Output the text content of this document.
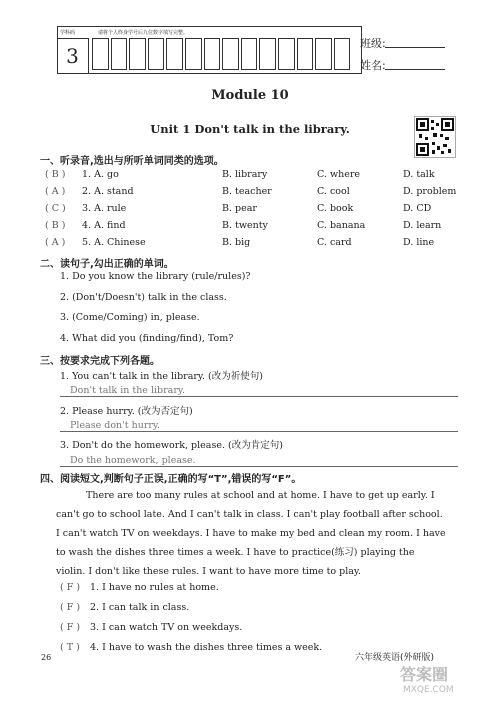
学科码	请将个人终身学号后九位数字填写完整。
3
班级:
姓名:
Module 10
Unit 1 Don't talk in the library.
一、听录音,选出与所听单词同类的选项。
( B ) 1. A. go	B. library	C. where	D. talk
( A ) 2. A. stand	B. teacher	C. cool	D. problem
( C ) 3. A. rule	B. pear	C. book	D. CD
( B ) 4. A. find	B. twenty	C. banana	D. learn
( A ) 5. A. Chinese	B. big	C. card	D. line
二、读句子,勾出正确的单词。
1. Do you know the library (rule/rules)?
2. (Don't/Doesn't) talk in the class.
3. (Come/Coming) in, please.
4. What did you (finding/find), Tom?
三、按要求完成下列各题。
1. You can't talk in the library. (改为祈使句)
Don't talk in the library.
2. Please hurry. (改为否定句)
Please don't hurry.
3. Don't do the homework, please. (改为肯定句)
Do the homework, please.
四、阅读短文,判断句子正误,正确的写“T”,错误的写“F”。
There are too many rules at school and at home. I have to get up early. I
can't go to school late. And I can't talk in class. I can't play football after school.
I can't watch TV on weekdays. I have to make my bed and clean my room. I have
to wash the dishes three times a week. I have to practice(练习) playing the
violin. I don't like these rules. I want to have more time to play.
( F ) 1. I have no rules at home.
( F ) 2. I can talk in class.
( F ) 3. I can watch TV on weekdays.
( T ) 4. I have to wash the dishes three times a week.
26	六年级英语(外研版)
答案圈
MXQE.COM
